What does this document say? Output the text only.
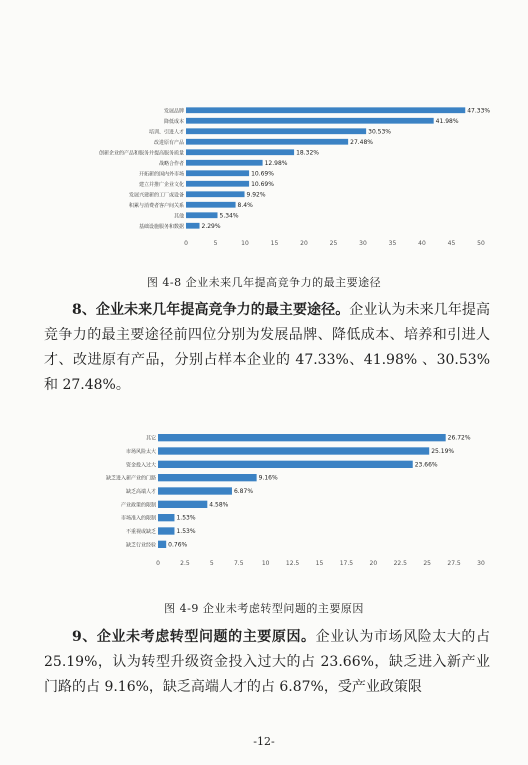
发展品牌	47.33%
降低成本	41.98%
培训、引进人才	30.53%
改进原有产品	27.48%
创新企业的产品和服务并提高服务质量	18.32%
战略合作者	12.98%
开拓新的国内外市场	10.69%
建立并推广企业文化	10.69%
发展兴建新的工厂或设备	9.92%
积累与消费者客户间关系	8.4%
其他	5.34%
基础设施服务和数据	2.29%
0	5	10	15	20	25	30	35	40	45	50
图 4-8 企业未来几年提高竞争力的最主要途径
8、企业未来几年提高竞争力的最主要途径。企业认为未来几年提高竞争力的最主要途径前四位分别为发展品牌、降低成本、培养和引进人才、改进原有产品，分别占样本企业的 47.33%、41.98% 、30.53%和 27.48%。
其它	26.72%
市场风险太大	25.19%
资金投入过大	23.66%
缺乏进入新产业的门路	9.16%
缺乏高端人才	6.87%
产业政策的限制	4.58%
市场准入的限制	1.53%
不重视或缺乏	1.53%
缺乏行业经验 0.76%
0	2.5	5	7.5	10	12.5	15	17.5	20	22.5	25	27.5	30
图 4-9 企业未考虑转型问题的主要原因
9、企业未考虑转型问题的主要原因。企业认为市场风险太大的占 25.19%，认为转型升级资金投入过大的占 23.66%，缺乏进入新产业门路的占 9.16%，缺乏高端人才的占 6.87%，受产业政策限
-12-
